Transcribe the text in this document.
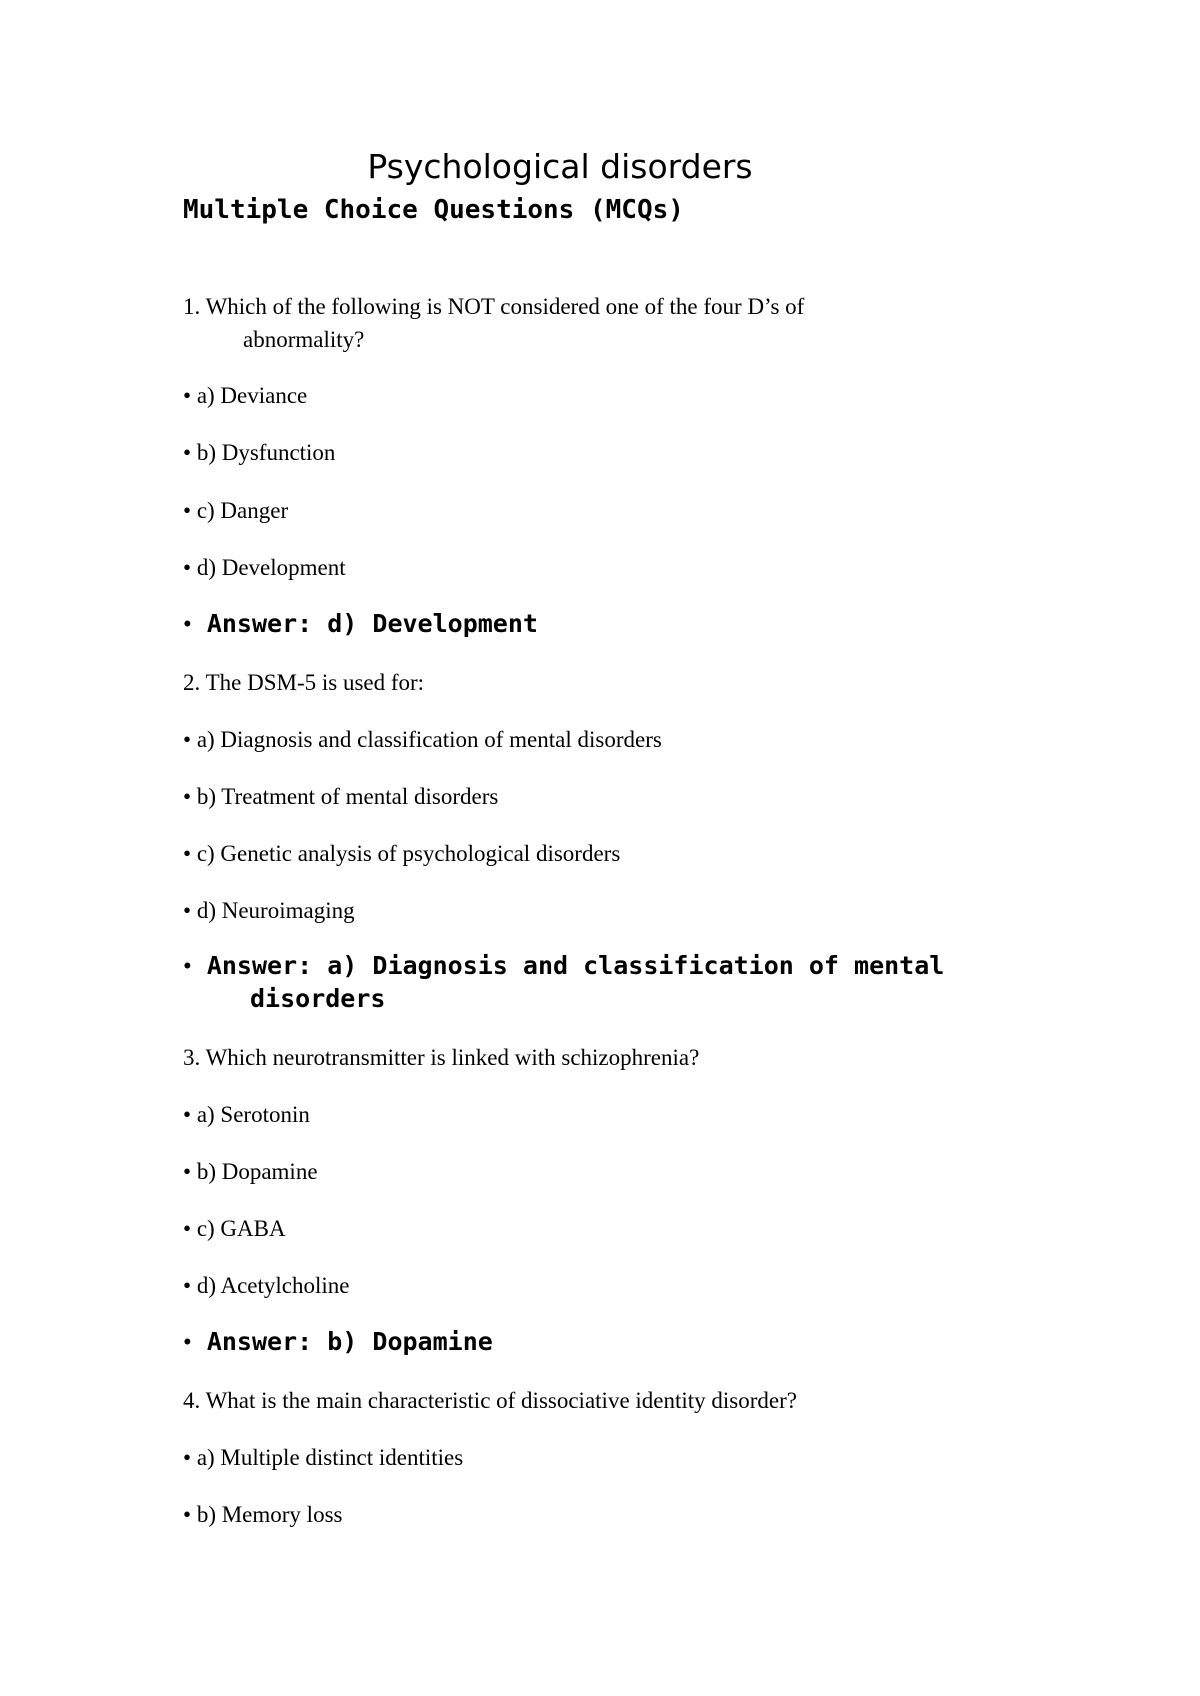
Psychological disorders
Multiple Choice Questions (MCQs)
1. Which of the following is NOT considered one of the four D’s of
abnormality?
• a) Deviance
• b) Dysfunction
• c) Danger
• d) Development
• Answer: d) Development
2. The DSM-5 is used for:
• a) Diagnosis and classification of mental disorders
• b) Treatment of mental disorders
• c) Genetic analysis of psychological disorders
• d) Neuroimaging
• Answer: a) Diagnosis and classification of mental
disorders
3. Which neurotransmitter is linked with schizophrenia?
• a) Serotonin
• b) Dopamine
• c) GABA
• d) Acetylcholine
• Answer: b) Dopamine
4. What is the main characteristic of dissociative identity disorder?
• a) Multiple distinct identities
• b) Memory loss
